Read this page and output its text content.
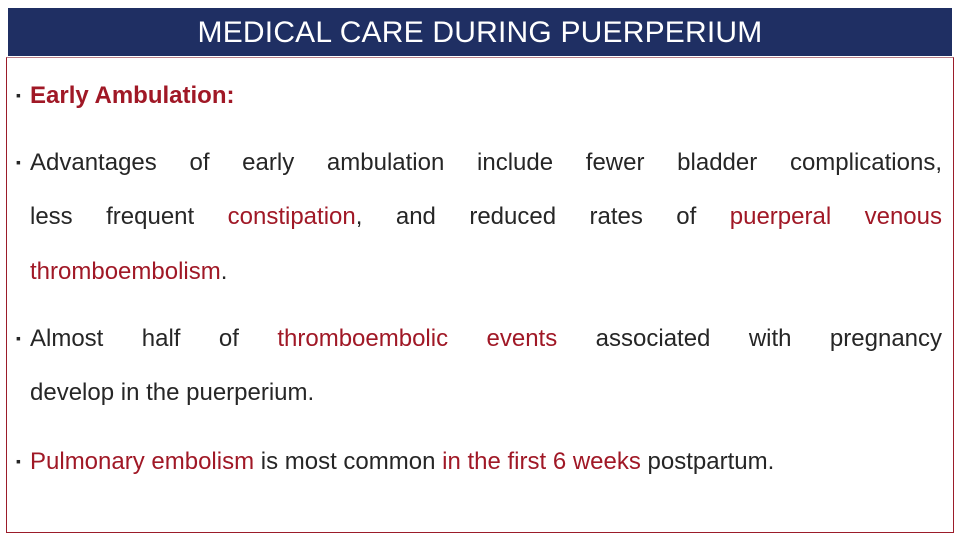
MEDICAL CARE DURING PUERPERIUM
▪ Early Ambulation:
▪ Advantages of early ambulation include fewer bladder complications,
less frequent constipation, and reduced rates of puerperal venous
thromboembolism.
▪ Almost half of thromboembolic events associated with pregnancy
develop in the puerperium.
▪ Pulmonary embolism is most common in the first 6 weeks postpartum.
